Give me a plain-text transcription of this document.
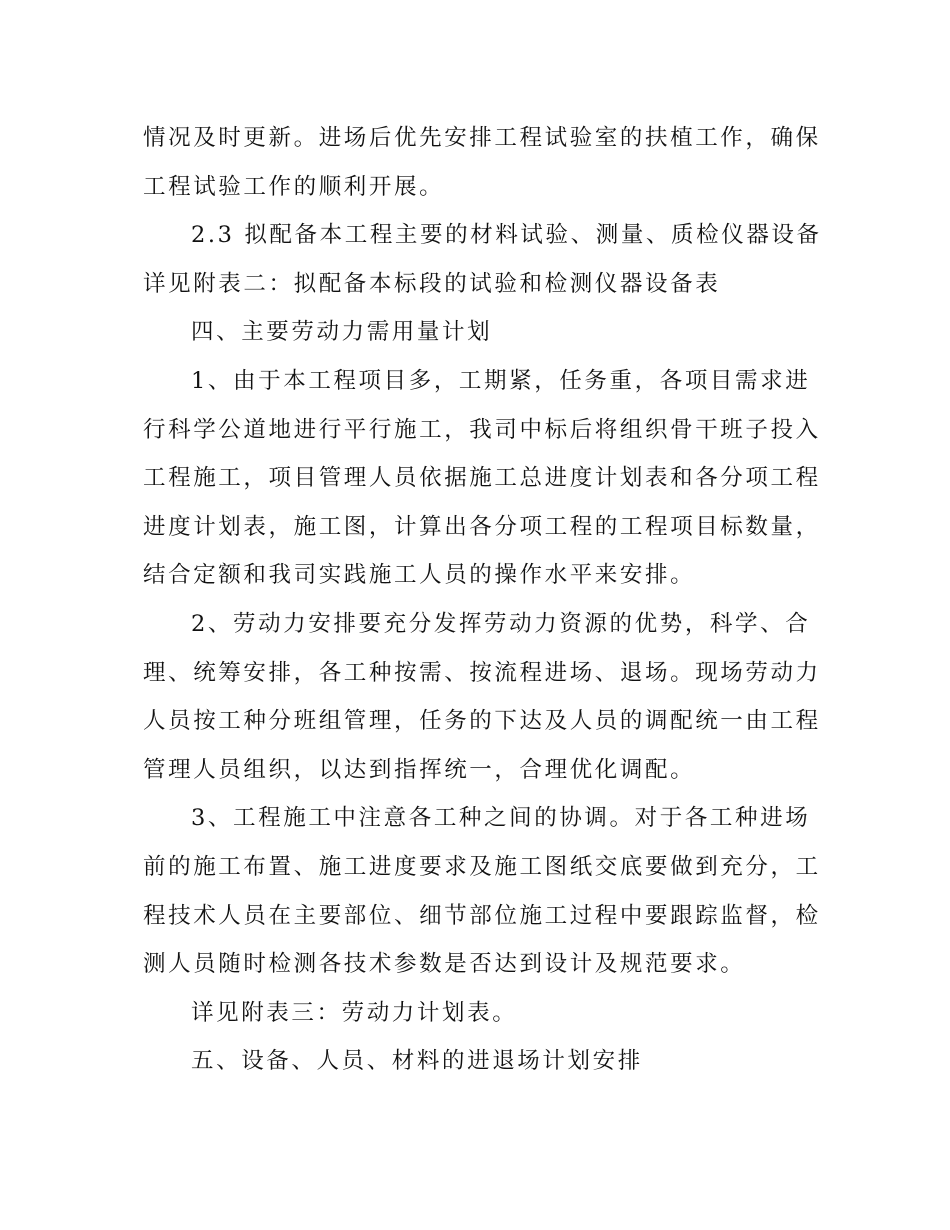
情况及时更新。进场后优先安排工程试验室的扶植工作，确保
工程试验工作的顺利开展。
2.3 拟配备本工程主要的材料试验、测量、质检仪器设备
详见附表二：拟配备本标段的试验和检测仪器设备表
四、主要劳动力需用量计划
1、由于本工程项目多，工期紧，任务重，各项目需求进
行科学公道地进行平行施工，我司中标后将组织骨干班子投入
工程施工，项目管理人员依据施工总进度计划表和各分项工程
进度计划表，施工图，计算出各分项工程的工程项目标数量，
结合定额和我司实践施工人员的操作水平来安排。
2、劳动力安排要充分发挥劳动力资源的优势，科学、合
理、统筹安排，各工种按需、按流程进场、退场。现场劳动力
人员按工种分班组管理，任务的下达及人员的调配统一由工程
管理人员组织，以达到指挥统一，合理优化调配。
3、工程施工中注意各工种之间的协调。对于各工种进场
前的施工布置、施工进度要求及施工图纸交底要做到充分，工
程技术人员在主要部位、细节部位施工过程中要跟踪监督，检
测人员随时检测各技术参数是否达到设计及规范要求。
详见附表三：劳动力计划表。
五、设备、人员、材料的进退场计划安排
